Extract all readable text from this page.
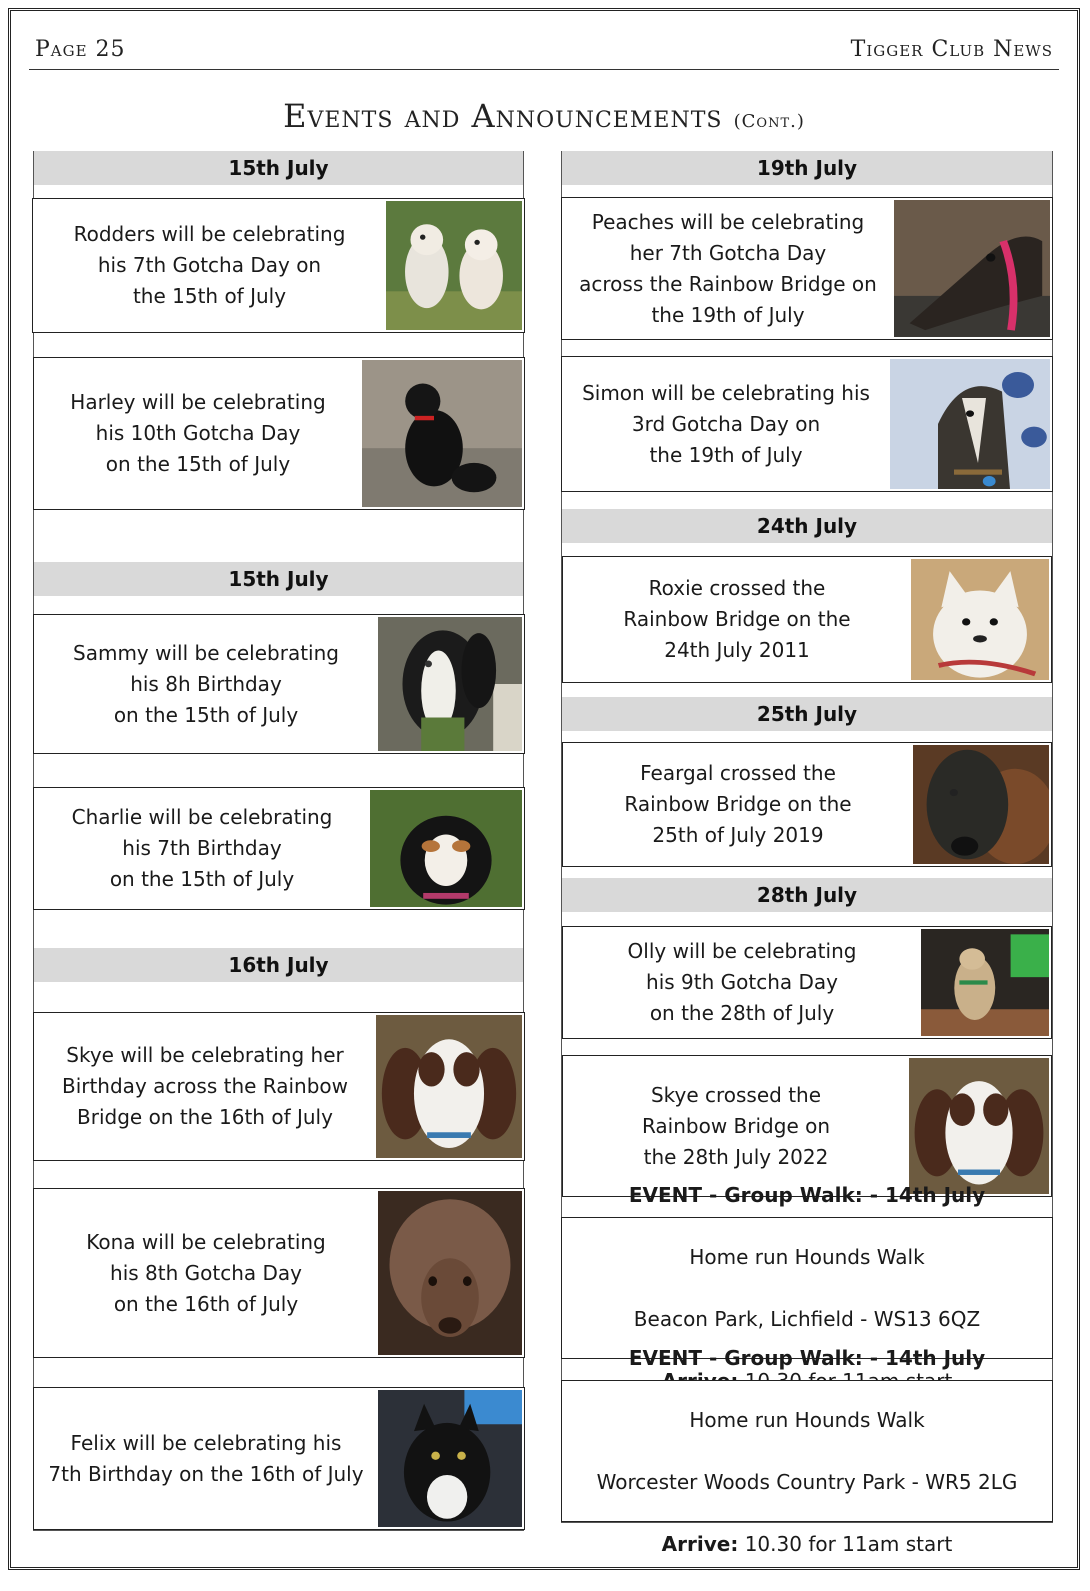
Page 25	Tigger Club News
Events and Announcements (Cont.)
15th July
15th July
16th July
Rodders will be celebrating
his 7th Gotcha Day on
the 15th of July
Harley will be celebrating
his 10th Gotcha Day
on the 15th of July
Sammy will be celebrating
his 8h Birthday
on the 15th of July
Charlie will be celebrating
his 7th Birthday
on the 15th of July
Skye will be celebrating her
Birthday across the Rainbow
Bridge on the 16th of July
Kona will be celebrating
his 8th Gotcha Day
on the 16th of July
Felix will be celebrating his
7th Birthday on the 16th of July
19th July
24th July
25th July
28th July
Peaches will be celebrating
her 7th Gotcha Day
across the Rainbow Bridge on
the 19th of July
Simon will be celebrating his
3rd Gotcha Day on
the 19th of July
Roxie crossed the
Rainbow Bridge on the
24th July 2011
Feargal crossed the
Rainbow Bridge on the
25th of July 2019
Olly will be celebrating
his 9th Gotcha Day
on the 28th of July
Skye crossed the
Rainbow Bridge on
the 28th July 2022

EVENT - Group Walk: - 14th July

Home run Hounds Walk

Beacon Park, Lichfield - WS13 6QZ

EVENT - Group Walk: - 14th July

Home run Hounds Walk

Worcester Woods Country Park - WR5 2LG

Arrive: 10.30 for 11am start
